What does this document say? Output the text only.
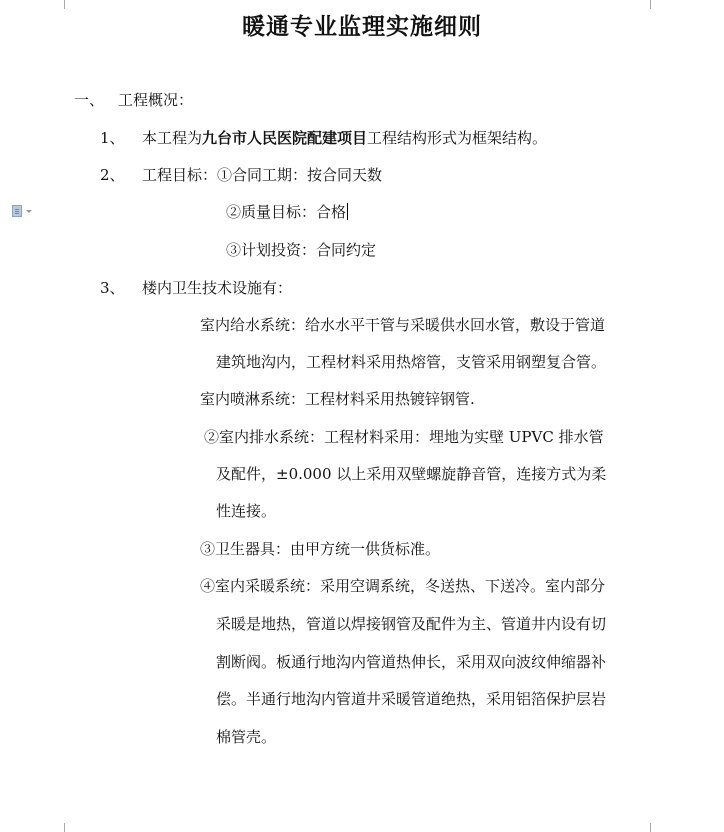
暖通专业监理实施细则
一、 工程概况：
1、 本工程为九台市人民医院配建项目工程结构形式为框架结构。
2、 工程目标：①合同工期：按合同天数
②质量目标：合格
③计划投资：合同约定
3、 楼内卫生技术设施有：
室内给水系统：给水水平干管与采暖供水回水管，敷设于管道
建筑地沟内，工程材料采用热熔管，支管采用钢塑复合管。
室内喷淋系统：工程材料采用热镀锌钢管.
②室内排水系统：工程材料采用：埋地为实壁 UPVC 排水管
及配件，±0.000 以上采用双壁螺旋静音管，连接方式为柔
性连接。
③卫生器具：由甲方统一供货标准。
④室内采暖系统：采用空调系统，冬送热、下送冷。室内部分
采暖是地热，管道以焊接钢管及配件为主、管道井内设有切
割断阀。板通行地沟内管道热伸长，采用双向波纹伸缩器补
偿。半通行地沟内管道井采暖管道绝热，采用铝箔保护层岩
棉管壳。
